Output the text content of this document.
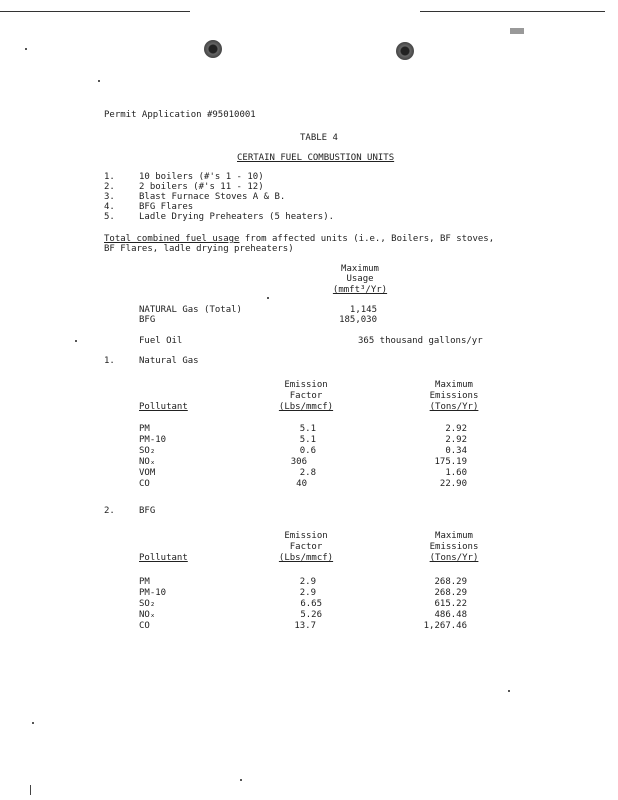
Permit Application #95010001
TABLE 4
CERTAIN FUEL COMBUSTION UNITS
1.	10 boilers (#'s 1 - 10)
2.	2 boilers (#'s 11 - 12)
3.	Blast Furnace Stoves A & B.
4.	BFG Flares
5.	Ladle Drying Preheaters (5 heaters).
Total combined fuel usage from affected units (i.e., Boilers, BF stoves,
BF Flares, ladle drying preheaters)
Maximum
Usage
(mmft³/Yr)
NATURAL Gas (Total)	1,145
BFG	185,030
Fuel Oil	365 thousand gallons/yr
1.	Natural Gas
Emission
Factor
(Lbs/mmcf)
Maximum
Emissions
(Tons/Yr)
Pollutant
PM	5.1	2.92
PM-10	5.1	2.92
SO₂	0.6	0.34
NOₓ	306	175.19
VOM	2.8	1.60
CO	40	22.90
2.	BFG
Emission
Factor
(Lbs/mmcf)
Maximum
Emissions
(Tons/Yr)
Pollutant
PM	2.9	268.29
PM-10	2.9	268.29
SO₂	6.65	615.22
NOₓ	5.26	486.48
CO	13.7	1,267.46
